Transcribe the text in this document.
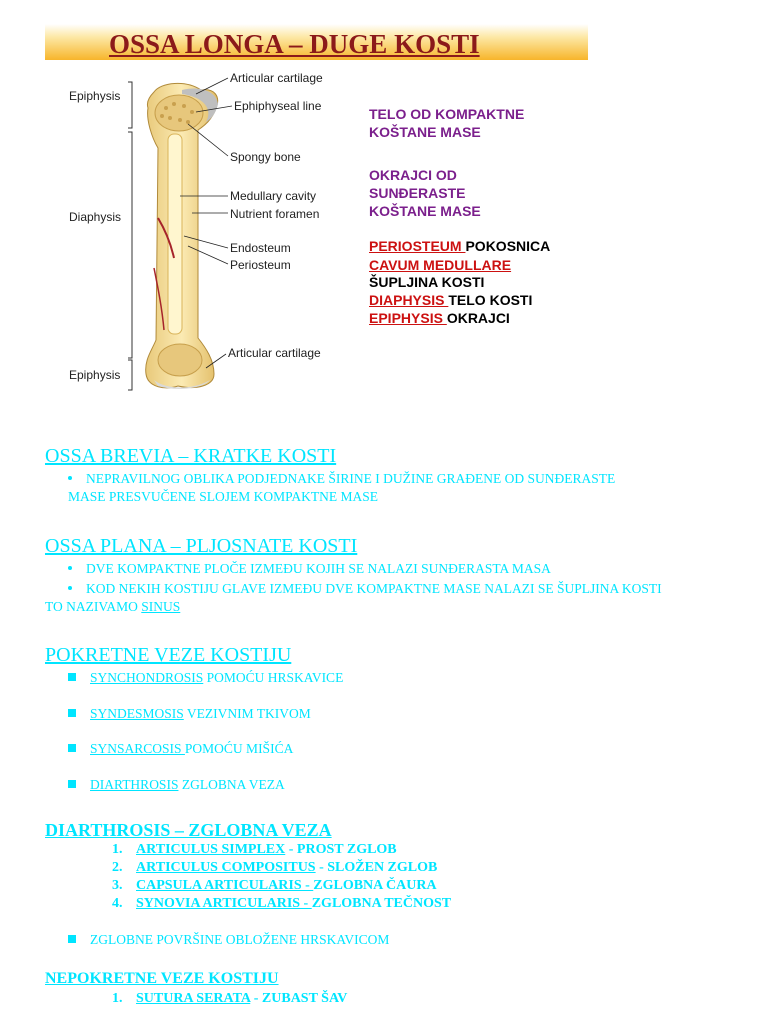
OSSA LONGA – DUGE KOSTI
Epiphysis
Diaphysis
Epiphysis
Articular cartilage
Ephiphyseal line
Spongy bone
Medullary cavity
Nutrient foramen
Endosteum
Periosteum
Articular cartilage
TELO OD KOMPAKTNE
KOŠTANE MASE
OKRAJCI OD
SUNĐERASTE
KOŠTANE MASE
PERIOSTEUM POKOSNICA
CAVUM MEDULLARE
ŠUPLJINA KOSTI
DIAPHYSIS TELO KOSTI
EPIPHYSIS OKRAJCI
OSSA BREVIA – KRATKE KOSTI
NEPRAVILNOG OBLIKA PODJEDNAKE ŠIRINE I DUŽINE GRAĐENE OD SUNĐERASTE
MASE PRESVUČENE SLOJEM KOMPAKTNE MASE
OSSA PLANA – PLJOSNATE KOSTI
DVE KOMPAKTNE PLOČE IZMEĐU KOJIH SE NALAZI SUNĐERASTA MASA
KOD NEKIH KOSTIJU GLAVE IZMEĐU DVE KOMPAKTNE MASE NALAZI SE ŠUPLJINA KOSTI
TO NAZIVAMO SINUS
POKRETNE VEZE KOSTIJU
SYNCHONDROSIS POMOĆU HRSKAVICE
SYNDESMOSIS VEZIVNIM TKIVOM
SYNSARCOSIS POMOĆU MIŠIĆA
DIARTHROSIS ZGLOBNA VEZA
DIARTHROSIS – ZGLOBNA VEZA
1. ARTICULUS SIMPLEX - PROST ZGLOB
2. ARTICULUS COMPOSITUS - SLOŽEN ZGLOB
3. CAPSULA ARTICULARIS - ZGLOBNA ČAURA
4. SYNOVIA ARTICULARIS - ZGLOBNA TEČNOST
ZGLOBNE POVRŠINE OBLOŽENE HRSKAVICOM
NEPOKRETNE VEZE KOSTIJU
1. SUTURA SERATA - ZUBAST ŠAV
